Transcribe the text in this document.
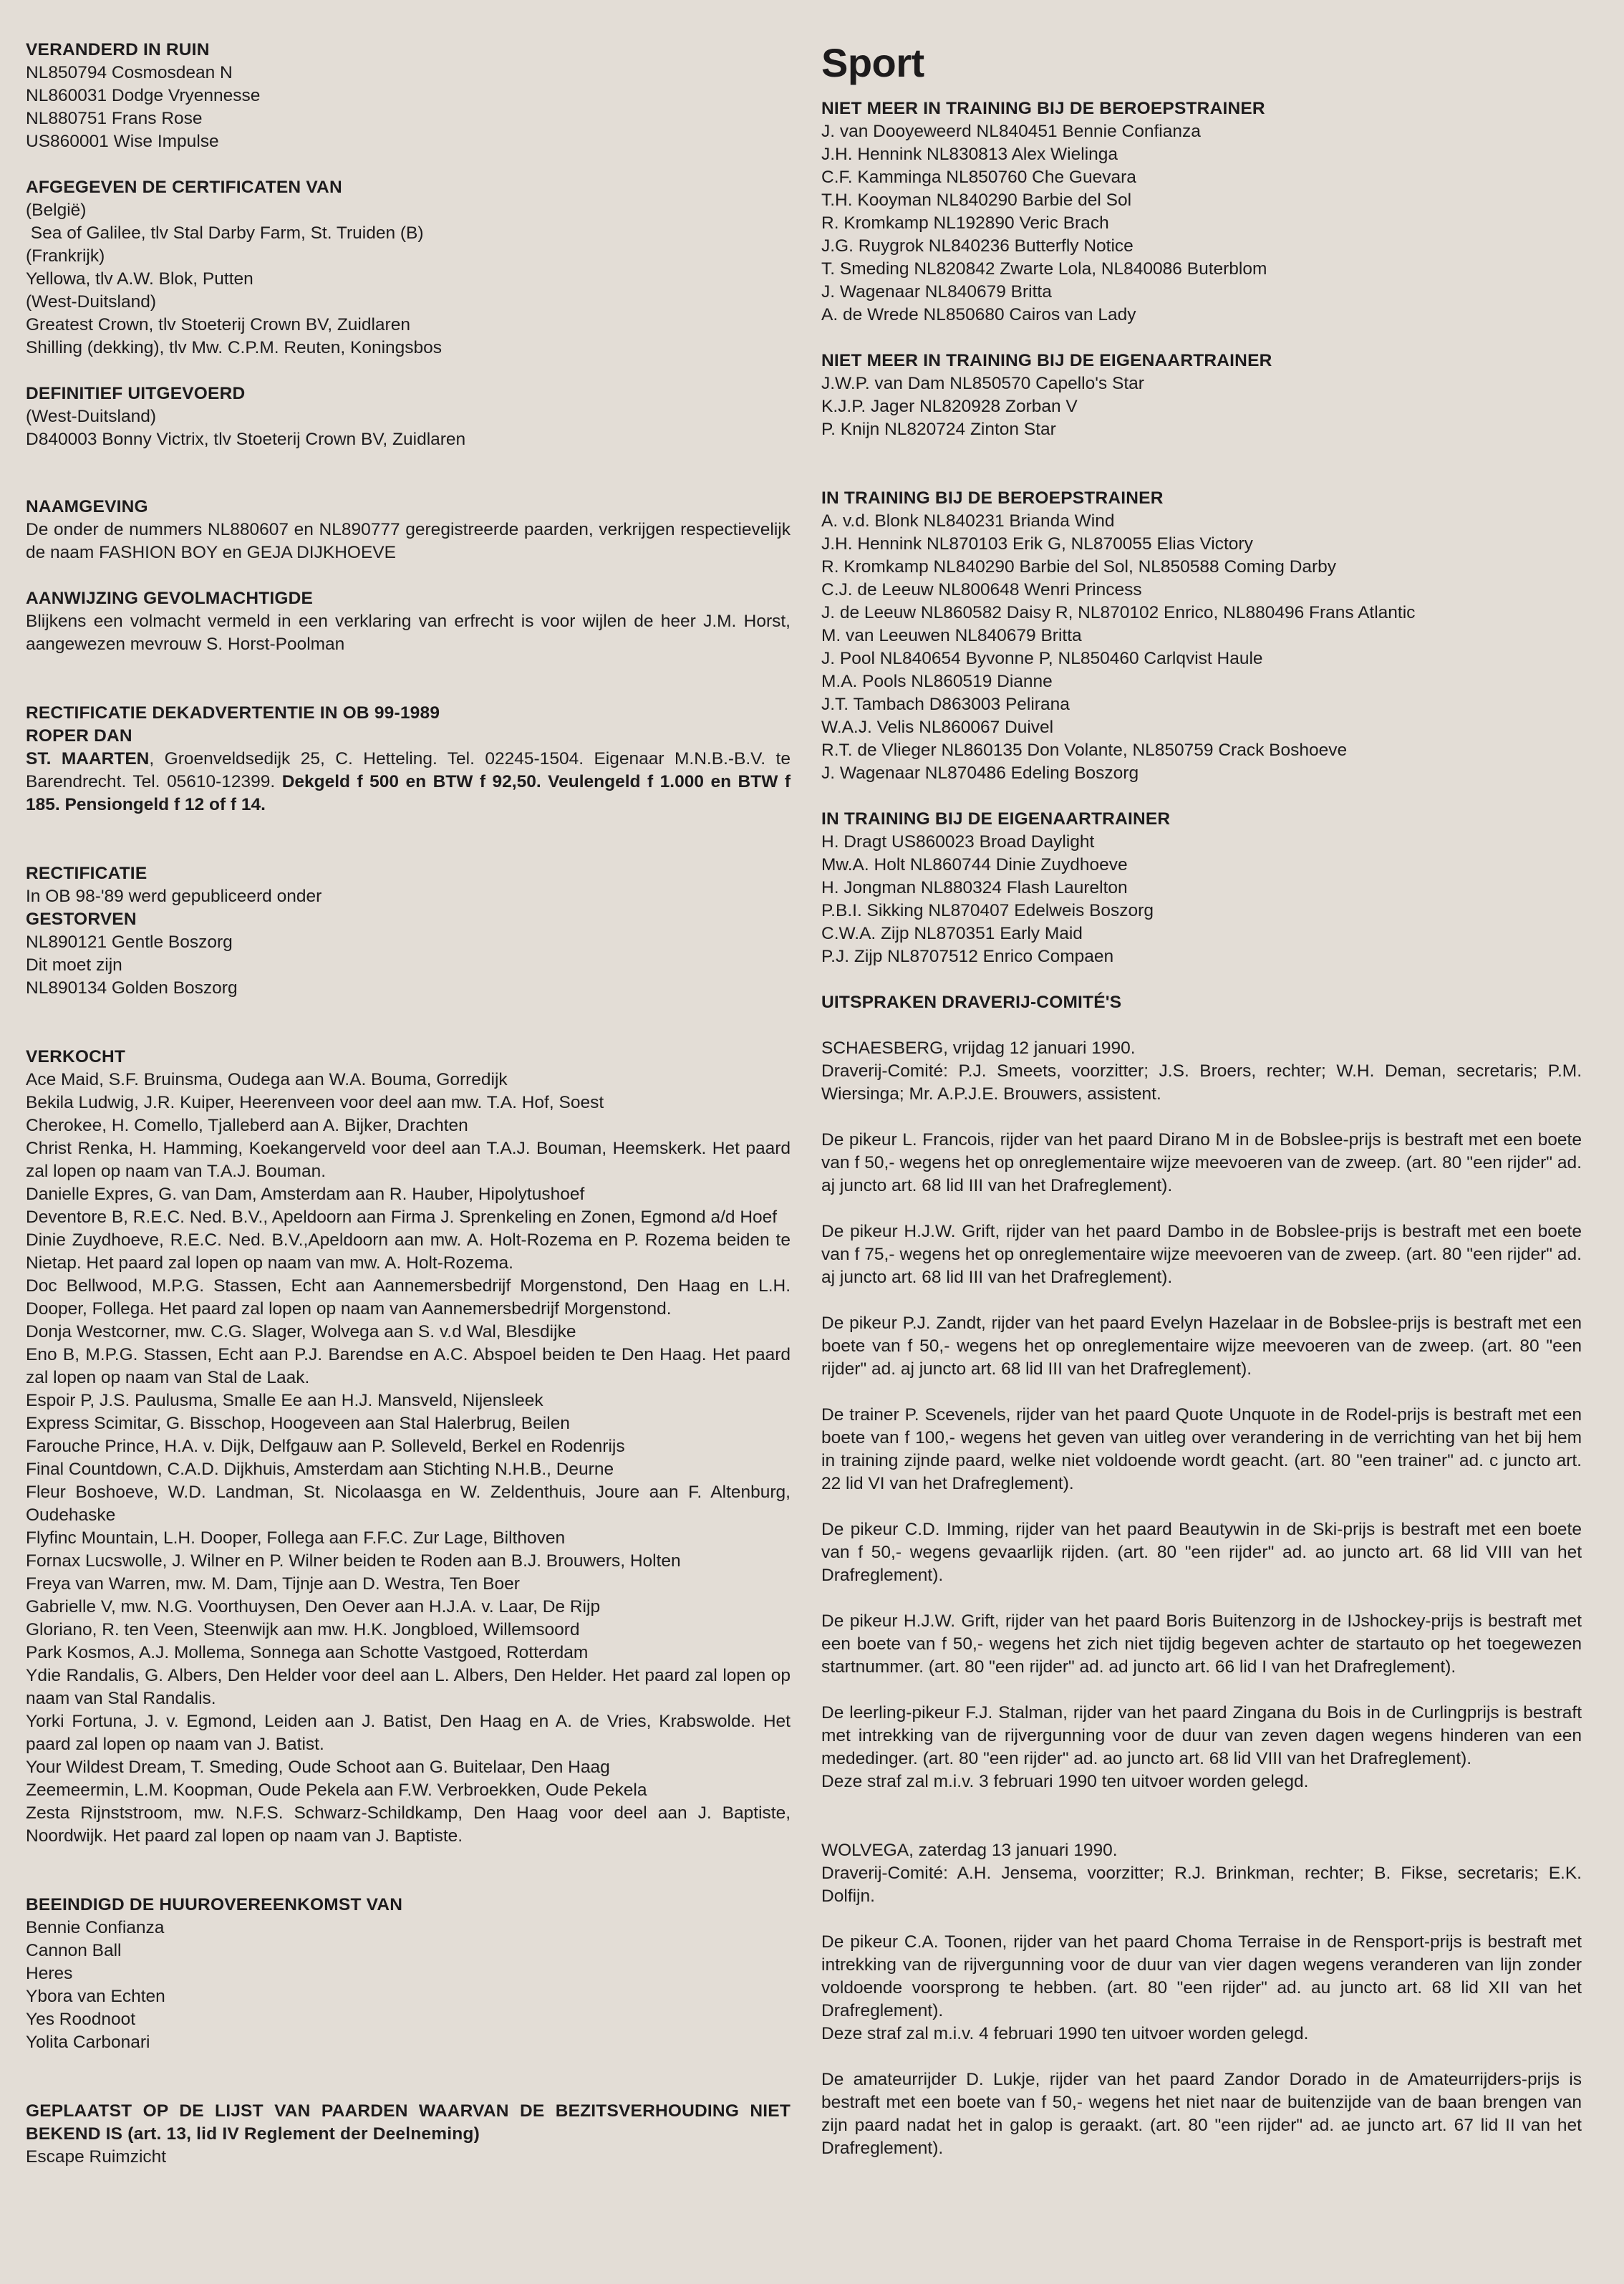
VERANDERD IN RUIN
NL850794 Cosmosdean N
NL860031 Dodge Vryennesse
NL880751 Frans Rose
US860001 Wise Impulse
AFGEGEVEN DE CERTIFICATEN VAN
(België)
Sea of Galilee, tlv Stal Darby Farm, St. Truiden (B)
(Frankrijk)
Yellowa, tlv A.W. Blok, Putten
(West-Duitsland)
Greatest Crown, tlv Stoeterij Crown BV, Zuidlaren
Shilling (dekking), tlv Mw. C.P.M. Reuten, Koningsbos
DEFINITIEF UITGEVOERD
(West-Duitsland)
D840003 Bonny Victrix, tlv Stoeterij Crown BV, Zuidlaren
NAAMGEVING
De onder de nummers NL880607 en NL890777 geregistreerde paarden, verkrijgen respectievelijk de naam FASHION BOY en GEJA DIJKHOEVE
AANWIJZING GEVOLMACHTIGDE
Blijkens een volmacht vermeld in een verklaring van erfrecht is voor wijlen de heer J.M. Horst, aangewezen mevrouw S. Horst-Poolman
RECTIFICATIE DEKADVERTENTIE IN OB 99-1989
ROPER DAN
ST. MAARTEN, Groenveldsedijk 25, C. Hetteling. Tel. 02245-1504. Eigenaar M.N.B.-B.V. te Barendrecht. Tel. 05610-12399. Dekgeld f 500 en BTW f 92,50. Veulengeld f 1.000 en BTW f 185. Pensiongeld f 12 of f 14.
RECTIFICATIE
In OB 98-'89 werd gepubliceerd onder
GESTORVEN
NL890121 Gentle Boszorg
Dit moet zijn
NL890134 Golden Boszorg
VERKOCHT
Ace Maid, S.F. Bruinsma, Oudega aan W.A. Bouma, Gorredijk
Bekila Ludwig, J.R. Kuiper, Heerenveen voor deel aan mw. T.A. Hof, Soest
Cherokee, H. Comello, Tjalleberd aan A. Bijker, Drachten
Christ Renka, H. Hamming, Koekangerveld voor deel aan T.A.J. Bouman, Heemskerk. Het paard zal lopen op naam van T.A.J. Bouman.
Danielle Expres, G. van Dam, Amsterdam aan R. Hauber, Hipolytushoef
Deventore B, R.E.C. Ned. B.V., Apeldoorn aan Firma J. Sprenkeling en Zonen, Egmond a/d Hoef
Dinie Zuydhoeve, R.E.C. Ned. B.V.,Apeldoorn aan mw. A. Holt-Rozema en P. Rozema beiden te Nietap. Het paard zal lopen op naam van mw. A. Holt-Rozema.
Doc Bellwood, M.P.G. Stassen, Echt aan Aannemersbedrijf Morgenstond, Den Haag en L.H. Dooper, Follega. Het paard zal lopen op naam van Aannemersbedrijf Morgenstond.
Donja Westcorner, mw. C.G. Slager, Wolvega aan S. v.d Wal, Blesdijke
Eno B, M.P.G. Stassen, Echt aan P.J. Barendse en A.C. Abspoel beiden te Den Haag. Het paard zal lopen op naam van Stal de Laak.
Espoir P, J.S. Paulusma, Smalle Ee aan H.J. Mansveld, Nijensleek
Express Scimitar, G. Bisschop, Hoogeveen aan Stal Halerbrug, Beilen
Farouche Prince, H.A. v. Dijk, Delfgauw aan P. Solleveld, Berkel en Rodenrijs
Final Countdown, C.A.D. Dijkhuis, Amsterdam aan Stichting N.H.B., Deurne
Fleur Boshoeve, W.D. Landman, St. Nicolaasga en W. Zeldenthuis, Joure aan F. Altenburg, Oudehaske
Flyfinc Mountain, L.H. Dooper, Follega aan F.F.C. Zur Lage, Bilthoven
Fornax Lucswolle, J. Wilner en P. Wilner beiden te Roden aan B.J. Brouwers, Holten
Freya van Warren, mw. M. Dam, Tijnje aan D. Westra, Ten Boer
Gabrielle V, mw. N.G. Voorthuysen, Den Oever aan H.J.A. v. Laar, De Rijp
Gloriano, R. ten Veen, Steenwijk aan mw. H.K. Jongbloed, Willemsoord
Park Kosmos, A.J. Mollema, Sonnega aan Schotte Vastgoed, Rotterdam
Ydie Randalis, G. Albers, Den Helder voor deel aan L. Albers, Den Helder. Het paard zal lopen op naam van Stal Randalis.
Yorki Fortuna, J. v. Egmond, Leiden aan J. Batist, Den Haag en A. de Vries, Krabswolde. Het paard zal lopen op naam van J. Batist.
Your Wildest Dream, T. Smeding, Oude Schoot aan G. Buitelaar, Den Haag
Zeemeermin, L.M. Koopman, Oude Pekela aan F.W. Verbroekken, Oude Pekela
Zesta Rijnststroom, mw. N.F.S. Schwarz-Schildkamp, Den Haag voor deel aan J. Baptiste, Noordwijk. Het paard zal lopen op naam van J. Baptiste.
BEEINDIGD DE HUUROVEREENKOMST VAN
Bennie Confianza
Cannon Ball
Heres
Ybora van Echten
Yes Roodnoot
Yolita Carbonari
GEPLAATST OP DE LIJST VAN PAARDEN WAARVAN DE BEZITSVERHOUDING NIET BEKEND IS (art. 13, lid IV Reglement der Deelneming)
Escape Ruimzicht
Sport
NIET MEER IN TRAINING BIJ DE BEROEPSTRAINER
J. van Dooyeweerd NL840451 Bennie Confianza
J.H. Hennink NL830813 Alex Wielinga
C.F. Kamminga NL850760 Che Guevara
T.H. Kooyman NL840290 Barbie del Sol
R. Kromkamp NL192890 Veric Brach
J.G. Ruygrok NL840236 Butterfly Notice
T. Smeding NL820842 Zwarte Lola, NL840086 Buterblom
J. Wagenaar NL840679 Britta
A. de Wrede NL850680 Cairos van Lady
NIET MEER IN TRAINING BIJ DE EIGENAARTRAINER
J.W.P. van Dam NL850570 Capello's Star
K.J.P. Jager NL820928 Zorban V
P. Knijn NL820724 Zinton Star
IN TRAINING BIJ DE BEROEPSTRAINER
A. v.d. Blonk NL840231 Brianda Wind
J.H. Hennink NL870103 Erik G, NL870055 Elias Victory
R. Kromkamp NL840290 Barbie del Sol, NL850588 Coming Darby
C.J. de Leeuw NL800648 Wenri Princess
J. de Leeuw NL860582 Daisy R, NL870102 Enrico, NL880496 Frans Atlantic
M. van Leeuwen NL840679 Britta
J. Pool NL840654 Byvonne P, NL850460 Carlqvist Haule
M.A. Pools NL860519 Dianne
J.T. Tambach D863003 Pelirana
W.A.J. Velis NL860067 Duivel
R.T. de Vlieger NL860135 Don Volante, NL850759 Crack Boshoeve
J. Wagenaar NL870486 Edeling Boszorg
IN TRAINING BIJ DE EIGENAARTRAINER
H. Dragt US860023 Broad Daylight
Mw.A. Holt NL860744 Dinie Zuydhoeve
H. Jongman NL880324 Flash Laurelton
P.B.I. Sikking NL870407 Edelweis Boszorg
C.W.A. Zijp NL870351 Early Maid
P.J. Zijp NL8707512 Enrico Compaen
UITSPRAKEN DRAVERIJ-COMITÉ'S
SCHAESBERG, vrijdag 12 januari 1990.
Draverij-Comité: P.J. Smeets, voorzitter; J.S. Broers, rechter; W.H. Deman, secretaris; P.M. Wiersinga; Mr. A.P.J.E. Brouwers, assistent.
De pikeur L. Francois, rijder van het paard Dirano M in de Bobslee-prijs is bestraft met een boete van f 50,- wegens het op onreglementaire wijze meevoeren van de zweep. (art. 80 "een rijder" ad. aj juncto art. 68 lid III van het Drafreglement).
De pikeur H.J.W. Grift, rijder van het paard Dambo in de Bobslee-prijs is bestraft met een boete van f 75,- wegens het op onreglementaire wijze meevoeren van de zweep. (art. 80 "een rijder" ad. aj juncto art. 68 lid III van het Drafreglement).
De pikeur P.J. Zandt, rijder van het paard Evelyn Hazelaar in de Bobslee-prijs is bestraft met een boete van f 50,- wegens het op onreglementaire wijze meevoeren van de zweep. (art. 80 "een rijder" ad. aj juncto art. 68 lid III van het Drafreglement).
De trainer P. Scevenels, rijder van het paard Quote Unquote in de Rodel-prijs is bestraft met een boete van f 100,- wegens het geven van uitleg over verandering in de verrichting van het bij hem in training zijnde paard, welke niet voldoende wordt geacht. (art. 80 "een trainer" ad. c juncto art. 22 lid VI van het Drafreglement).
De pikeur C.D. Imming, rijder van het paard Beautywin in de Ski-prijs is bestraft met een boete van f 50,- wegens gevaarlijk rijden. (art. 80 "een rijder" ad. ao juncto art. 68 lid VIII van het Drafreglement).
De pikeur H.J.W. Grift, rijder van het paard Boris Buitenzorg in de IJshockey-prijs is bestraft met een boete van f 50,- wegens het zich niet tijdig begeven achter de startauto op het toegewezen startnummer. (art. 80 "een rijder" ad. ad juncto art. 66 lid I van het Drafreglement).
De leerling-pikeur F.J. Stalman, rijder van het paard Zingana du Bois in de Curlingprijs is bestraft met intrekking van de rijvergunning voor de duur van zeven dagen wegens hinderen van een mededinger. (art. 80 "een rijder" ad. ao juncto art. 68 lid VIII van het Drafreglement).
Deze straf zal m.i.v. 3 februari 1990 ten uitvoer worden gelegd.
WOLVEGA, zaterdag 13 januari 1990.
Draverij-Comité: A.H. Jensema, voorzitter; R.J. Brinkman, rechter; B. Fikse, secretaris; E.K. Dolfijn.
De pikeur C.A. Toonen, rijder van het paard Choma Terraise in de Rensport-prijs is bestraft met intrekking van de rijvergunning voor de duur van vier dagen wegens veranderen van lijn zonder voldoende voorsprong te hebben. (art. 80 "een rijder" ad. au juncto art. 68 lid XII van het Drafreglement).
Deze straf zal m.i.v. 4 februari 1990 ten uitvoer worden gelegd.
De amateurrijder D. Lukje, rijder van het paard Zandor Dorado in de Amateurrijders-prijs is bestraft met een boete van f 50,- wegens het niet naar de buitenzijde van de baan brengen van zijn paard nadat het in galop is geraakt. (art. 80 "een rijder" ad. ae juncto art. 67 lid II van het Drafreglement).
